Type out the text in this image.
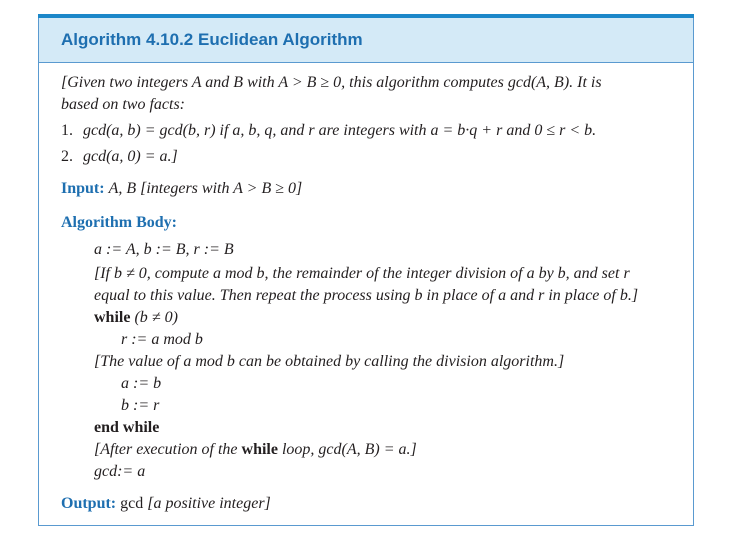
Algorithm 4.10.2 Euclidean Algorithm
[Given two integers A and B with A > B ≥ 0, this algorithm computes gcd(A, B). It is
based on two facts:
1. gcd(a, b) = gcd(b, r) if a, b, q, and r are integers with a = b·q + r and 0 ≤ r < b.
2. gcd(a, 0) = a.]
Input: A, B [integers with A > B ≥ 0]
Algorithm Body:
a := A, b := B, r := B
[If b ≠ 0, compute a mod b, the remainder of the integer division of a by b, and set r
equal to this value. Then repeat the process using b in place of a and r in place of b.]
while (b ≠ 0)
r := a mod b
[The value of a mod b can be obtained by calling the division algorithm.]
a := b
b := r
end while
[After execution of the while loop, gcd(A, B) = a.]
gcd:= a
Output: gcd [a positive integer]
